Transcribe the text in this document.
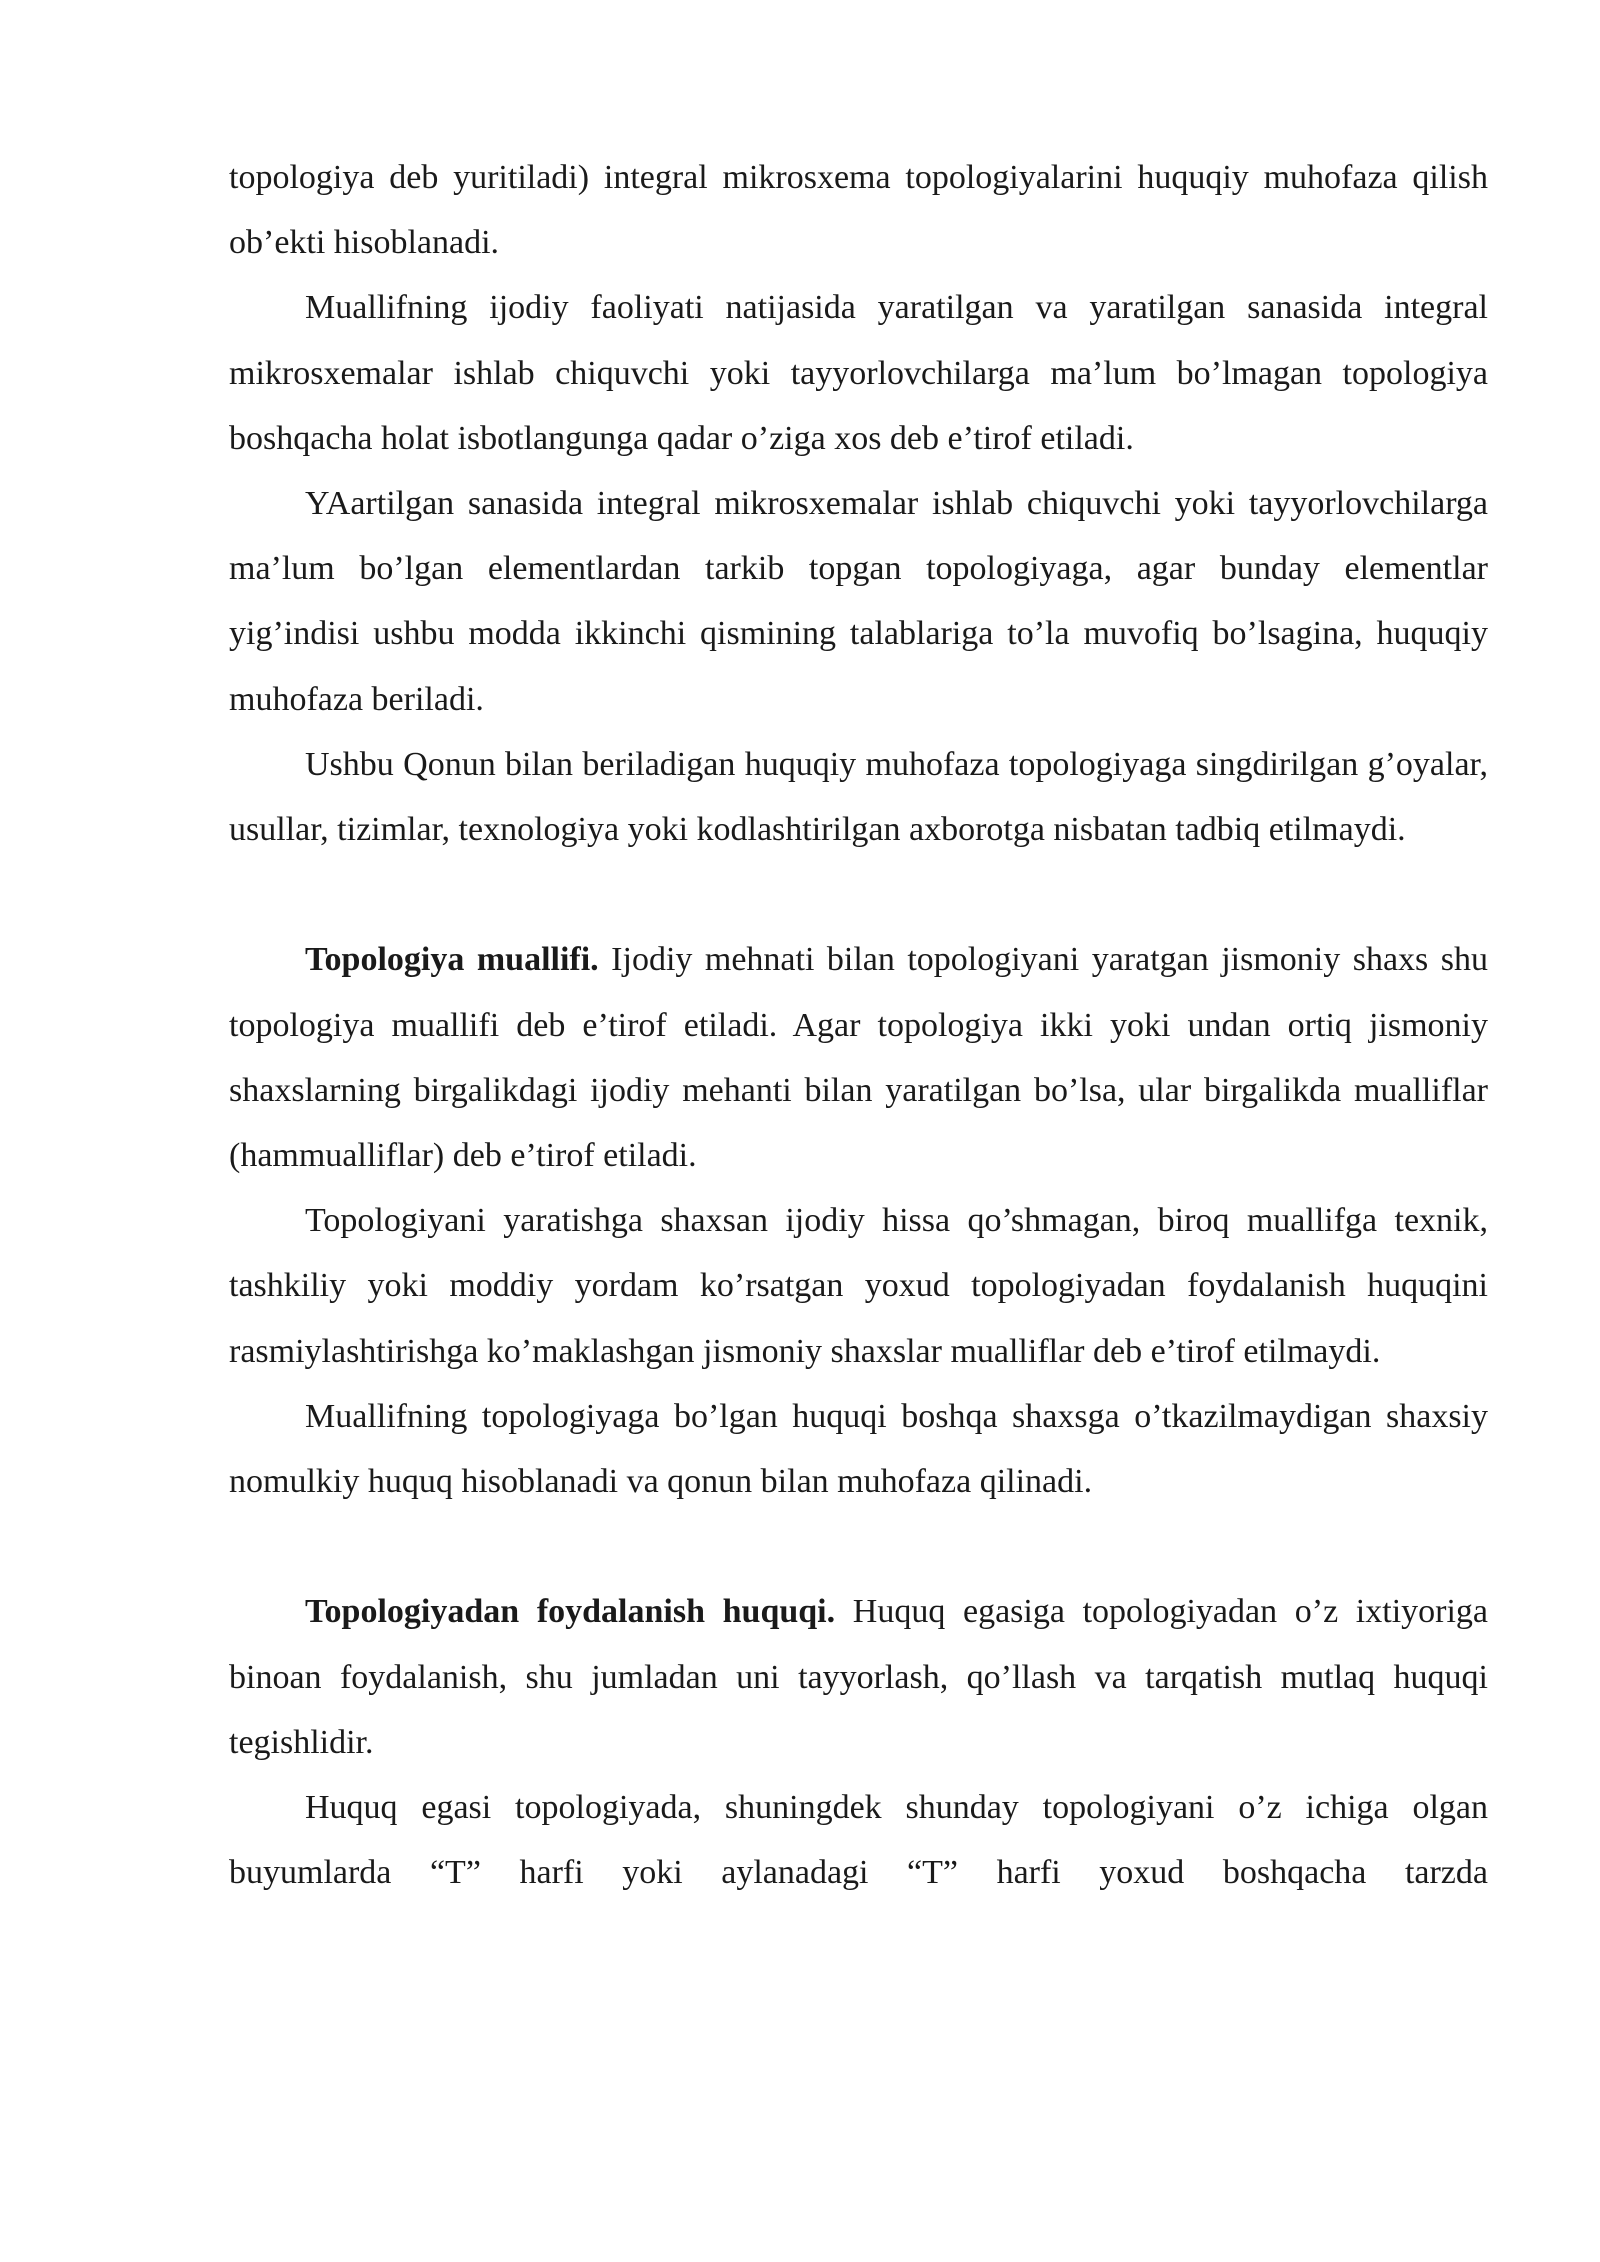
topologiya deb yuritiladi) integral mikrosxema topologiyalarini huquqiy muhofaza qilish ob’ekti hisoblanadi.

Muallifning ijodiy faoliyati natijasida yaratilgan va yaratilgan sanasida integral mikrosxemalar ishlab chiquvchi yoki tayyorlovchilarga ma’lum bo’lmagan topologiya boshqacha holat isbotlangunga qadar o’ziga xos deb e’tirof etiladi.

YAartilgan sanasida integral mikrosxemalar ishlab chiquvchi yoki tayyorlovchilarga ma’lum bo’lgan elementlardan tarkib topgan topologiyaga, agar bunday elementlar yig’indisi ushbu modda ikkinchi qismining talablariga to’la muvofiq bo’lsagina, huquqiy muhofaza beriladi.

Ushbu Qonun bilan beriladigan huquqiy muhofaza topologiyaga singdirilgan g’oyalar, usullar, tizimlar, texnologiya yoki kodlashtirilgan axborotga nisbatan tadbiq etilmaydi.

Topologiya muallifi. Ijodiy mehnati bilan topologiyani yaratgan jismoniy shaxs shu topologiya muallifi deb e’tirof etiladi. Agar topologiya ikki yoki undan ortiq jismoniy shaxslarning birgalikdagi ijodiy mehanti bilan yaratilgan bo’lsa, ular birgalikda mualliflar (hammualliflar) deb e’tirof etiladi.

Topologiyani yaratishga shaxsan ijodiy hissa qo’shmagan, biroq muallifga texnik, tashkiliy yoki moddiy yordam ko’rsatgan yoxud topologiyadan foydalanish huquqini rasmiylashtirishga ko’maklashgan jismoniy shaxslar mualliflar deb e’tirof etilmaydi.

Muallifning topologiyaga bo’lgan huquqi boshqa shaxsga o’tkazilmaydigan shaxsiy nomulkiy huquq hisoblanadi va qonun bilan muhofaza qilinadi.

Topologiyadan foydalanish huquqi. Huquq egasiga topologiyadan o’z ixtiyoriga binoan foydalanish, shu jumladan uni tayyorlash, qo’llash va tarqatish mutlaq huquqi tegishlidir.

Huquq egasi topologiyada, shuningdek shunday topologiyani o’z ichiga olgan buyumlarda “T” harfi yoki aylanadagi “T” harfi yoxud boshqacha tarzda
